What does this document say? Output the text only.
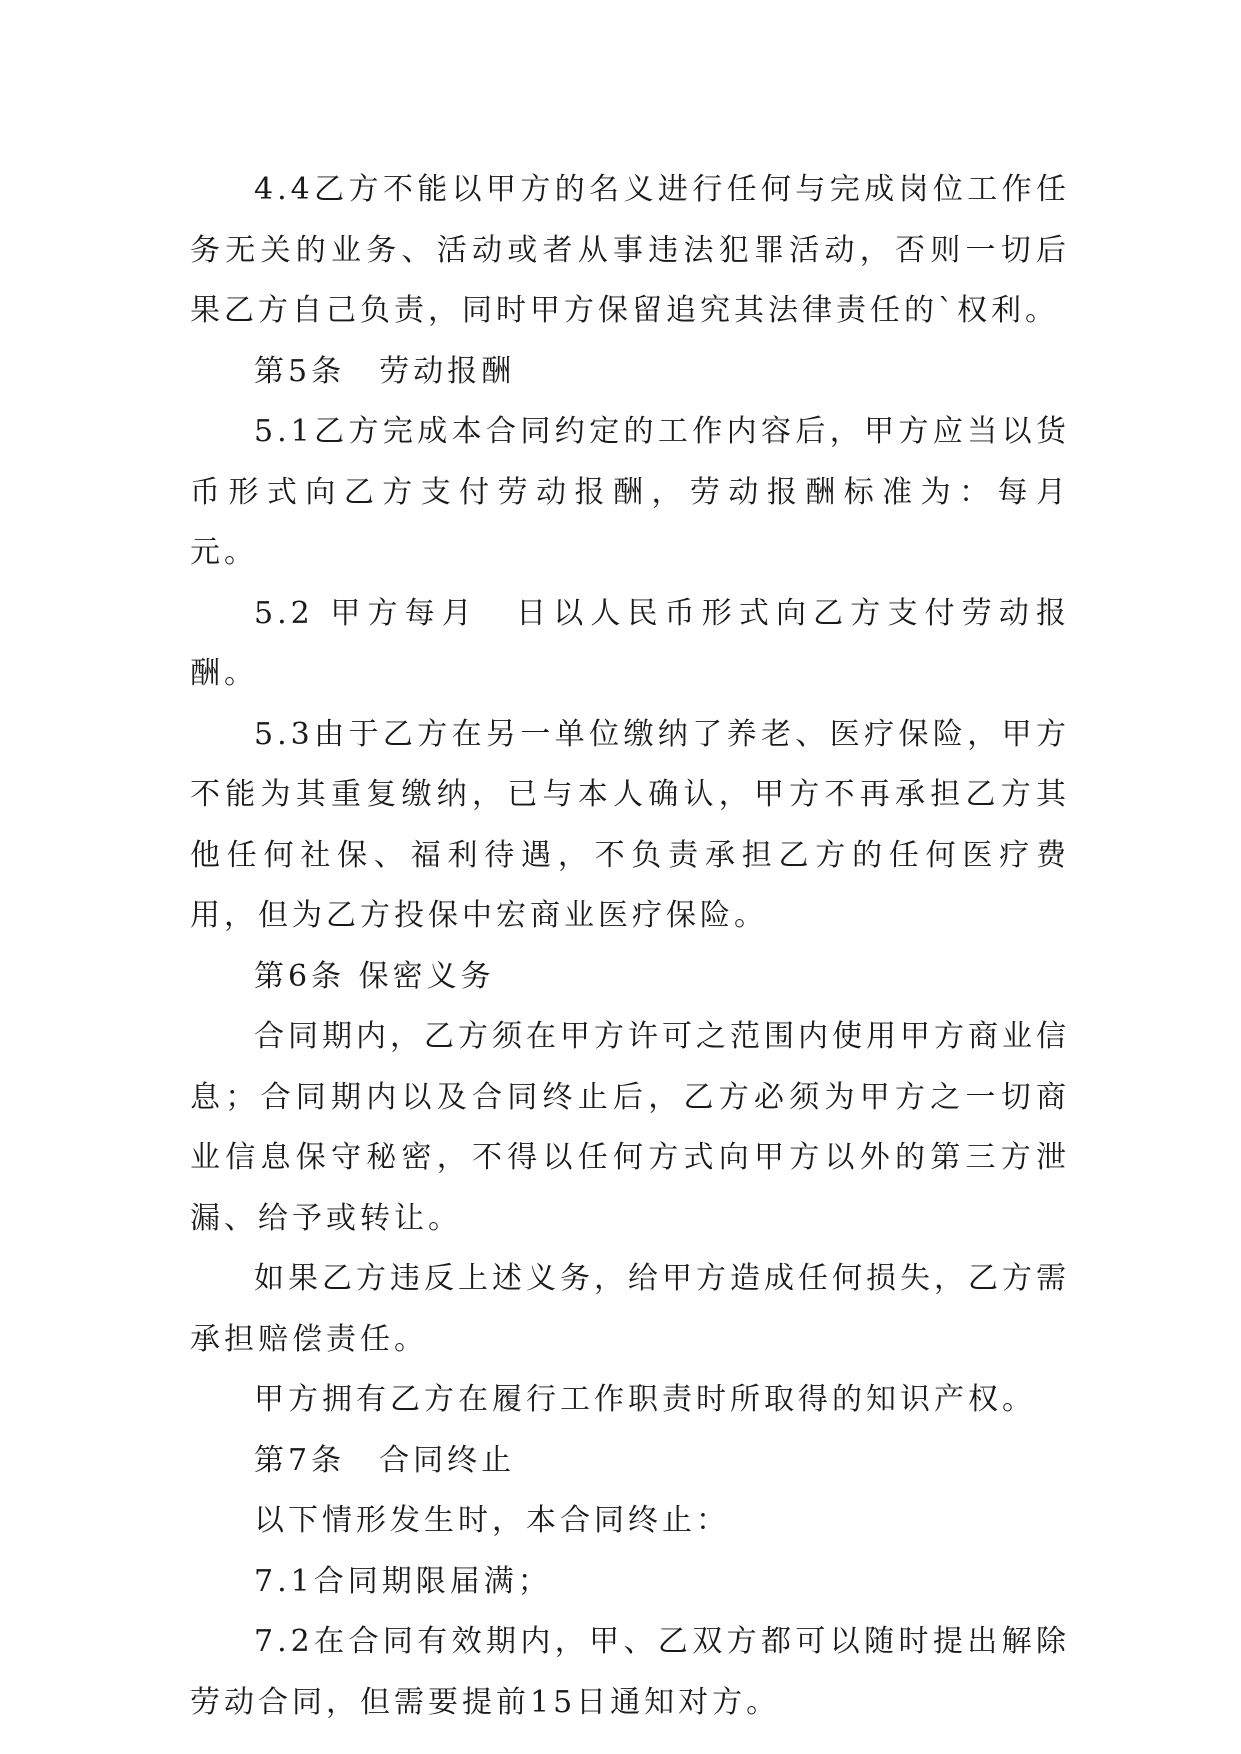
4.4乙方不能以甲方的名义进行任何与完成岗位工作任务无关的业务、活动或者从事违法犯罪活动，否则一切后果乙方自己负责，同时甲方保留追究其法律责任的`权利。

第5条　劳动报酬

5.1乙方完成本合同约定的工作内容后，甲方应当以货币形式向乙方支付劳动报酬，劳动报酬标准为：每月　元。

5.2 甲方每月　日以人民币形式向乙方支付劳动报酬。

5.3由于乙方在另一单位缴纳了养老、医疗保险，甲方不能为其重复缴纳，已与本人确认，甲方不再承担乙方其他任何社保、福利待遇，不负责承担乙方的任何医疗费用，但为乙方投保中宏商业医疗保险。

第6条 保密义务

合同期内，乙方须在甲方许可之范围内使用甲方商业信息；合同期内以及合同终止后，乙方必须为甲方之一切商业信息保守秘密，不得以任何方式向甲方以外的第三方泄漏、给予或转让。

如果乙方违反上述义务，给甲方造成任何损失，乙方需承担赔偿责任。

甲方拥有乙方在履行工作职责时所取得的知识产权。

第7条　合同终止

以下情形发生时，本合同终止：

7.1合同期限届满；

7.2在合同有效期内，甲、乙双方都可以随时提出解除劳动合同，但需要提前15日通知对方。
